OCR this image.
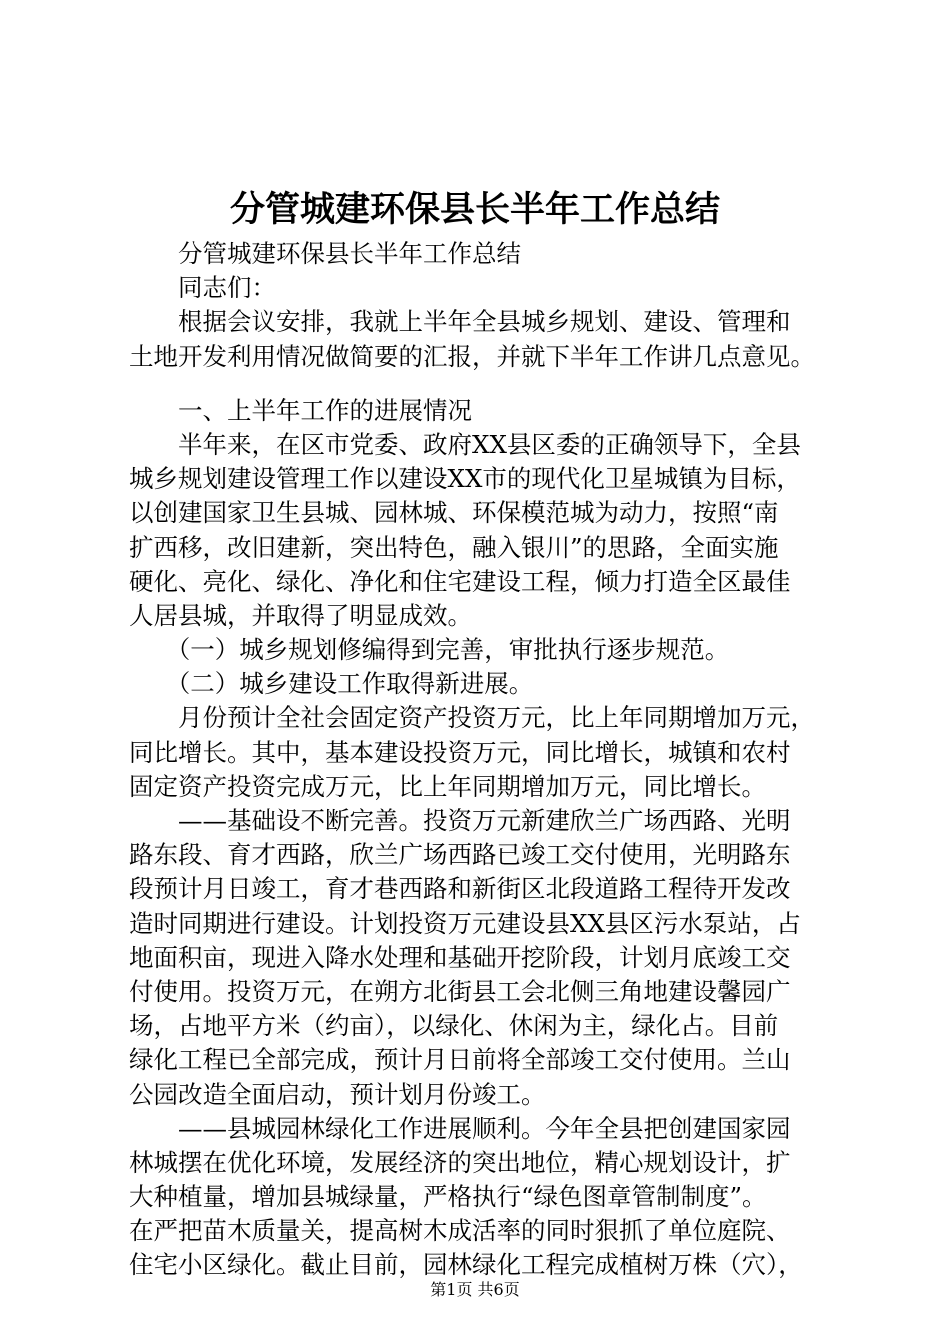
分管城建环保县长半年工作总结
　　分管城建环保县长半年工作总结
　　同志们：
　　根据会议安排，我就上半年全县城乡规划、建设、管理和
土地开发利用情况做简要的汇报，并就下半年工作讲几点意见。
　　一、上半年工作的进展情况
　　半年来，在区市党委、政府XX县区委的正确领导下，全县
城乡规划建设管理工作以建设XX市的现代化卫星城镇为目标，
以创建国家卫生县城、园林城、环保模范城为动力，按照“南
扩西移，改旧建新，突出特色，融入银川”的思路，全面实施
硬化、亮化、绿化、净化和住宅建设工程，倾力打造全区最佳
人居县城，并取得了明显成效。
　　（一）城乡规划修编得到完善，审批执行逐步规范。
　　（二）城乡建设工作取得新进展。
　　月份预计全社会固定资产投资万元，比上年同期增加万元，
同比增长。其中，基本建设投资万元，同比增长，城镇和农村
固定资产投资完成万元，比上年同期增加万元，同比增长。
　　——基础设不断完善。投资万元新建欣兰广场西路、光明
路东段、育才西路，欣兰广场西路已竣工交付使用，光明路东
段预计月日竣工，育才巷西路和新街区北段道路工程待开发改
造时同期进行建设。计划投资万元建设县XX县区污水泵站，占
地面积亩，现进入降水处理和基础开挖阶段，计划月底竣工交
付使用。投资万元，在朔方北街县工会北侧三角地建设馨园广
场，占地平方米（约亩），以绿化、休闲为主，绿化占。目前
绿化工程已全部完成，预计月日前将全部竣工交付使用。兰山
公园改造全面启动，预计划月份竣工。
　　——县城园林绿化工作进展顺利。今年全县把创建国家园
林城摆在优化环境，发展经济的突出地位，精心规划设计，扩
大种植量，增加县城绿量，严格执行“绿色图章管制制度”。
在严把苗木质量关，提高树木成活率的同时狠抓了单位庭院、
住宅小区绿化。截止目前，园林绿化工程完成植树万株（穴），
第1页 共6页
